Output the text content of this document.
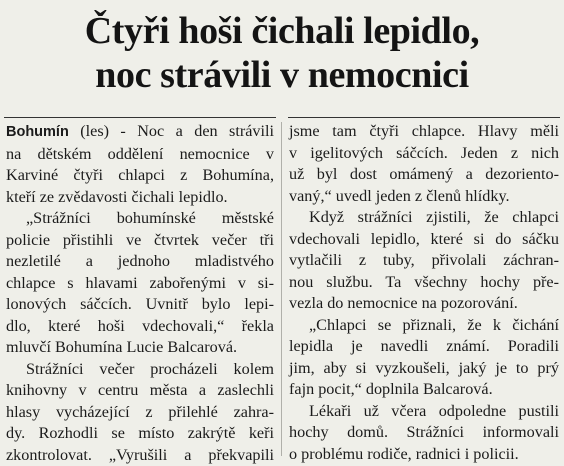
Čtyři hoši čichali lepidlo,
noc strávili v nemocnici
Bohumín (les) - Noc a den strávili
na dětském oddělení nemocnice v
Karviné čtyři chlapci z Bohumína,
kteří ze zvědavosti čichali lepidlo.
„Strážníci bohumínské městské
policie přistihli ve čtvrtek večer tři
nezletilé a jednoho mladistvého
chlapce s hlavami zabořenými v si-
lonových sáčcích. Uvnitř bylo lepi-
dlo, které hoši vdechovali,“ řekla
mluvčí Bohumína Lucie Balcarová.
Strážníci večer procházeli kolem
knihovny v centru města a zaslechli
hlasy vycházející z přilehlé zahra-
dy. Rozhodli se místo zakrýtě keři
zkontrolovat. „Vyrušili a překvapili
jsme tam čtyři chlapce. Hlavy měli
v igelitových sáčcích. Jeden z nich
už byl dost omámený a dezoriento-
vaný,“ uvedl jeden z členů hlídky.
Když strážníci zjistili, že chlapci
vdechovali lepidlo, které si do sáčku
vytlačili z tuby, přivolali záchran-
nou službu. Ta všechny hochy pře-
vezla do nemocnice na pozorování.
„Chlapci se přiznali, že k čichání
lepidla je navedli známí. Poradili
jim, aby si vyzkoušeli, jaký je to prý
fajn pocit,“ doplnila Balcarová.
Lékaři už včera odpoledne pustili
hochy domů. Strážníci informovali
o problému rodiče, radnici i policii.
